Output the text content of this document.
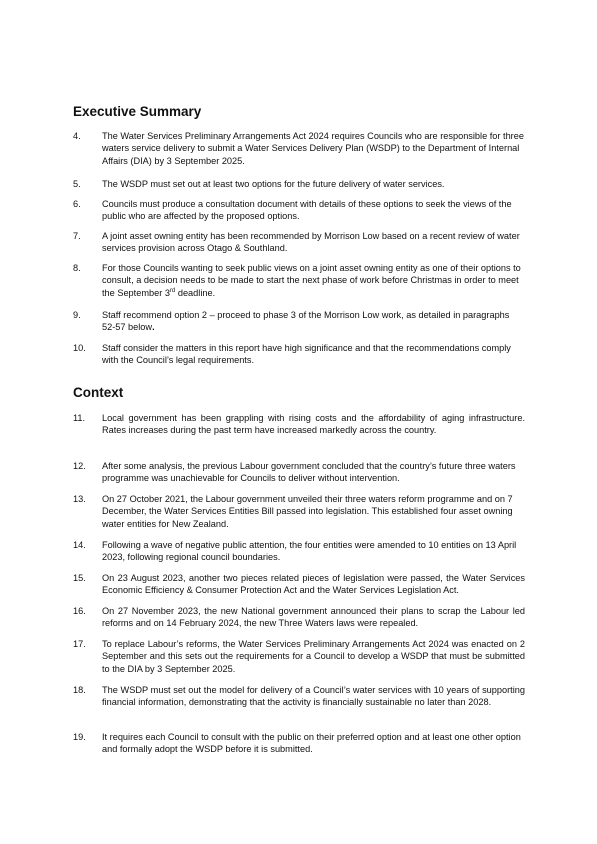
Executive Summary
4.	The Water Services Preliminary Arrangements Act 2024 requires Councils who are responsible for three waters service delivery to submit a Water Services Delivery Plan (WSDP) to the Department of Internal Affairs (DIA) by 3 September 2025.
5.	The WSDP must set out at least two options for the future delivery of water services.
6.	Councils must produce a consultation document with details of these options to seek the views of the public who are affected by the proposed options.
7.	A joint asset owning entity has been recommended by Morrison Low based on a recent review of water services provision across Otago & Southland.
8.	For those Councils wanting to seek public views on a joint asset owning entity as one of their options to consult, a decision needs to be made to start the next phase of work before Christmas in order to meet the September 3rd deadline.
9.	Staff recommend option 2 – proceed to phase 3 of the Morrison Low work, as detailed in paragraphs 52-57 below.
10.	Staff consider the matters in this report have high significance and that the recommendations comply with the Council’s legal requirements.
Context
11.	Local government has been grappling with rising costs and the affordability of aging infrastructure. Rates increases during the past term have increased markedly across the country.
12.	After some analysis, the previous Labour government concluded that the country’s future three waters programme was unachievable for Councils to deliver without intervention.
13.	On 27 October 2021, the Labour government unveiled their three waters reform programme and on 7 December, the Water Services Entities Bill passed into legislation. This established four asset owning water entities for New Zealand.
14.	Following a wave of negative public attention, the four entities were amended to 10 entities on 13 April 2023, following regional council boundaries.
15.	On 23 August 2023, another two pieces related pieces of legislation were passed, the Water Services Economic Efficiency & Consumer Protection Act and the Water Services Legislation Act.
16.	On 27 November 2023, the new National government announced their plans to scrap the Labour led reforms and on 14 February 2024, the new Three Waters laws were repealed.
17.	To replace Labour’s reforms, the Water Services Preliminary Arrangements Act 2024 was enacted on 2 September and this sets out the requirements for a Council to develop a WSDP that must be submitted to the DIA by 3 September 2025.
18.	The WSDP must set out the model for delivery of a Council’s water services with 10 years of supporting financial information, demonstrating that the activity is financially sustainable no later than 2028.
19.	It requires each Council to consult with the public on their preferred option and at least one other option and formally adopt the WSDP before it is submitted.
